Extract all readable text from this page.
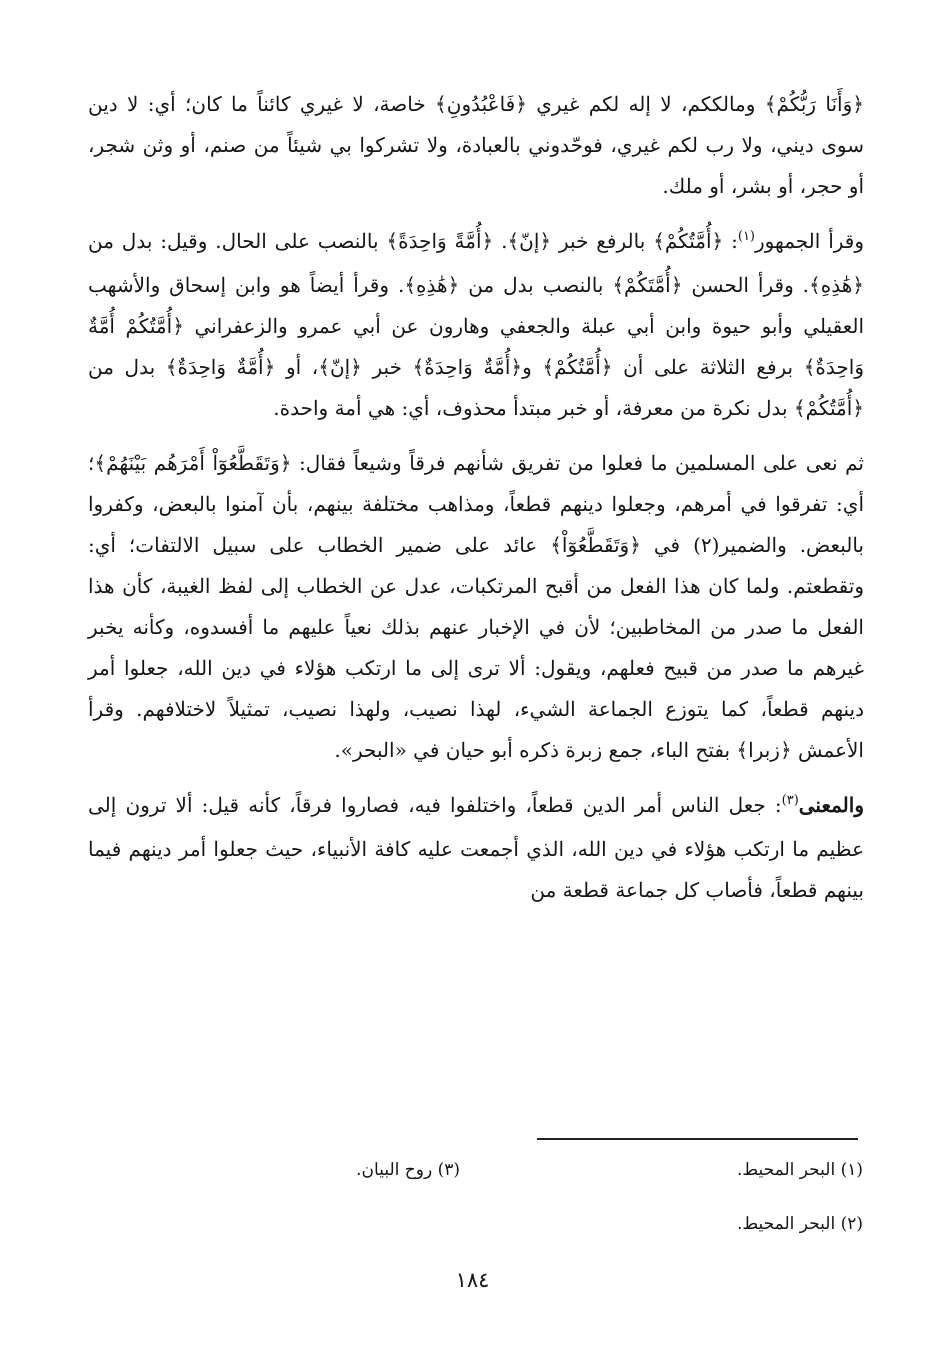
﴿وَأَنَا رَبُّكُمْ﴾ ومالككم، لا إله لكم غيري ﴿فَاعْبُدُونِ﴾ خاصة، لا غيري كائناً ما كان؛ أي: لا دين سوى ديني، ولا رب لكم غيري، فوحّدوني بالعبادة، ولا تشركوا بي شيئاً من صنم، أو وثن شجر، أو حجر، أو بشر، أو ملك.

وقرأ الجمهور$^{(١)}$: ﴿أُمَّتُكُمْ﴾ بالرفع خبر ﴿إنّ﴾. ﴿أُمَّةً وَاحِدَةً﴾ بالنصب على الحال. وقيل: بدل من ﴿هَٰذِهِ﴾. وقرأ الحسن ﴿أُمَّتَكُمْ﴾ بالنصب بدل من ﴿هَٰذِهِ﴾. وقرأ أيضاً هو وابن إسحاق والأشهب العقيلي وأبو حيوة وابن أبي عبلة والجعفي وهارون عن أبي عمرو والزعفراني ﴿أُمَّتُكُمْ أُمَّةٌ وَاحِدَةٌ﴾ برفع الثلاثة على أن ﴿أُمَّتُكُمْ﴾ و﴿أُمَّةٌ وَاحِدَةٌ﴾ خبر ﴿إنّ﴾، أو ﴿أُمَّةٌ وَاحِدَةٌ﴾ بدل من ﴿أُمَّتُكُمْ﴾ بدل نكرة من معرفة، أو خبر مبتدأ محذوف، أي: هي أمة واحدة.

ثم نعى على المسلمين ما فعلوا من تفريق شأنهم فرقاً وشيعاً فقال: ﴿وَتَقَطَّعُوٓاْ أَمْرَهُم بَيْنَهُمْ﴾؛ أي: تفرقوا في أمرهم، وجعلوا دينهم قطعاً، ومذاهب مختلفة بينهم، بأن آمنوا بالبعض، وكفروا بالبعض. والضمير(٢) في ﴿وَتَقَطَّعُوٓاْ﴾ عائد على ضمير الخطاب على سبيل الالتفات؛ أي: وتقطعتم. ولما كان هذا الفعل من أقبح المرتكبات، عدل عن الخطاب إلى لفظ الغيبة، كأن هذا الفعل ما صدر من المخاطبين؛ لأن في الإخبار عنهم بذلك نعياً عليهم ما أفسدوه، وكأنه يخبر غيرهم ما صدر من قبيح فعلهم، ويقول: ألا ترى إلى ما ارتكب هؤلاء في دين الله، جعلوا أمر دينهم قطعاً، كما يتوزع الجماعة الشيء، لهذا نصيب، ولهذا نصيب، تمثيلاً لاختلافهم. وقرأ الأعمش ﴿زبرا﴾ بفتح الباء، جمع زبرة ذكره أبو حيان في «البحر».

والمعنى$^{(٣)}$: جعل الناس أمر الدين قطعاً، واختلفوا فيه، فصاروا فرقاً، كأنه قيل: ألا ترون إلى عظيم ما ارتكب هؤلاء في دين الله، الذي أجمعت عليه كافة الأنبياء، حيث جعلوا أمر دينهم فيما بينهم قطعاً، فأصاب كل جماعة قطعة من

(١) البحر المحيط.
(٣) روح البيان.
(٢) البحر المحيط.
١٨٤
